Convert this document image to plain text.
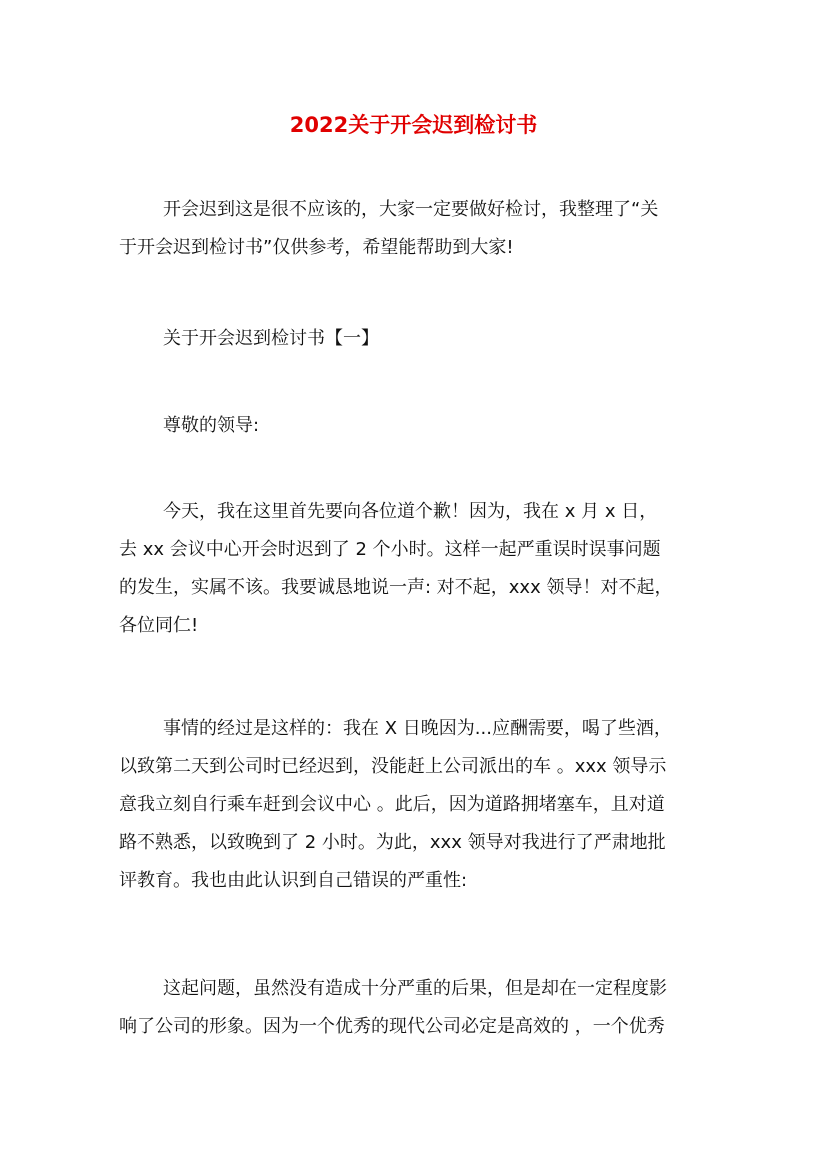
2022关于开会迟到检讨书
开会迟到这是很不应该的，大家一定要做好检讨，我整理了“关
于开会迟到检讨书”仅供参考，希望能帮助到大家!
关于开会迟到检讨书【一】
尊敬的领导:
今天，我在这里首先要向各位道个歉！因为，我在 x 月 x 日，
去 xx 会议中心开会时迟到了 2 个小时。这样一起严重误时误事问题
的发生，实属不该。我要诚恳地说一声: 对不起，xxx 领导！对不起，
各位同仁!
事情的经过是这样的：我在 X 日晚因为...应酬需要，喝了些酒，
以致第二天到公司时已经迟到，没能赶上公司派出的车 。xxx 领导示
意我立刻自行乘车赶到会议中心 。此后，因为道路拥堵塞车，且对道
路不熟悉，以致晚到了 2 小时。为此，xxx 领导对我进行了严肃地批
评教育。我也由此认识到自己错误的严重性:
这起问题，虽然没有造成十分严重的后果，但是却在一定程度影
响了公司的形象。因为一个优秀的现代公司必定是高效的 ，一个优秀
